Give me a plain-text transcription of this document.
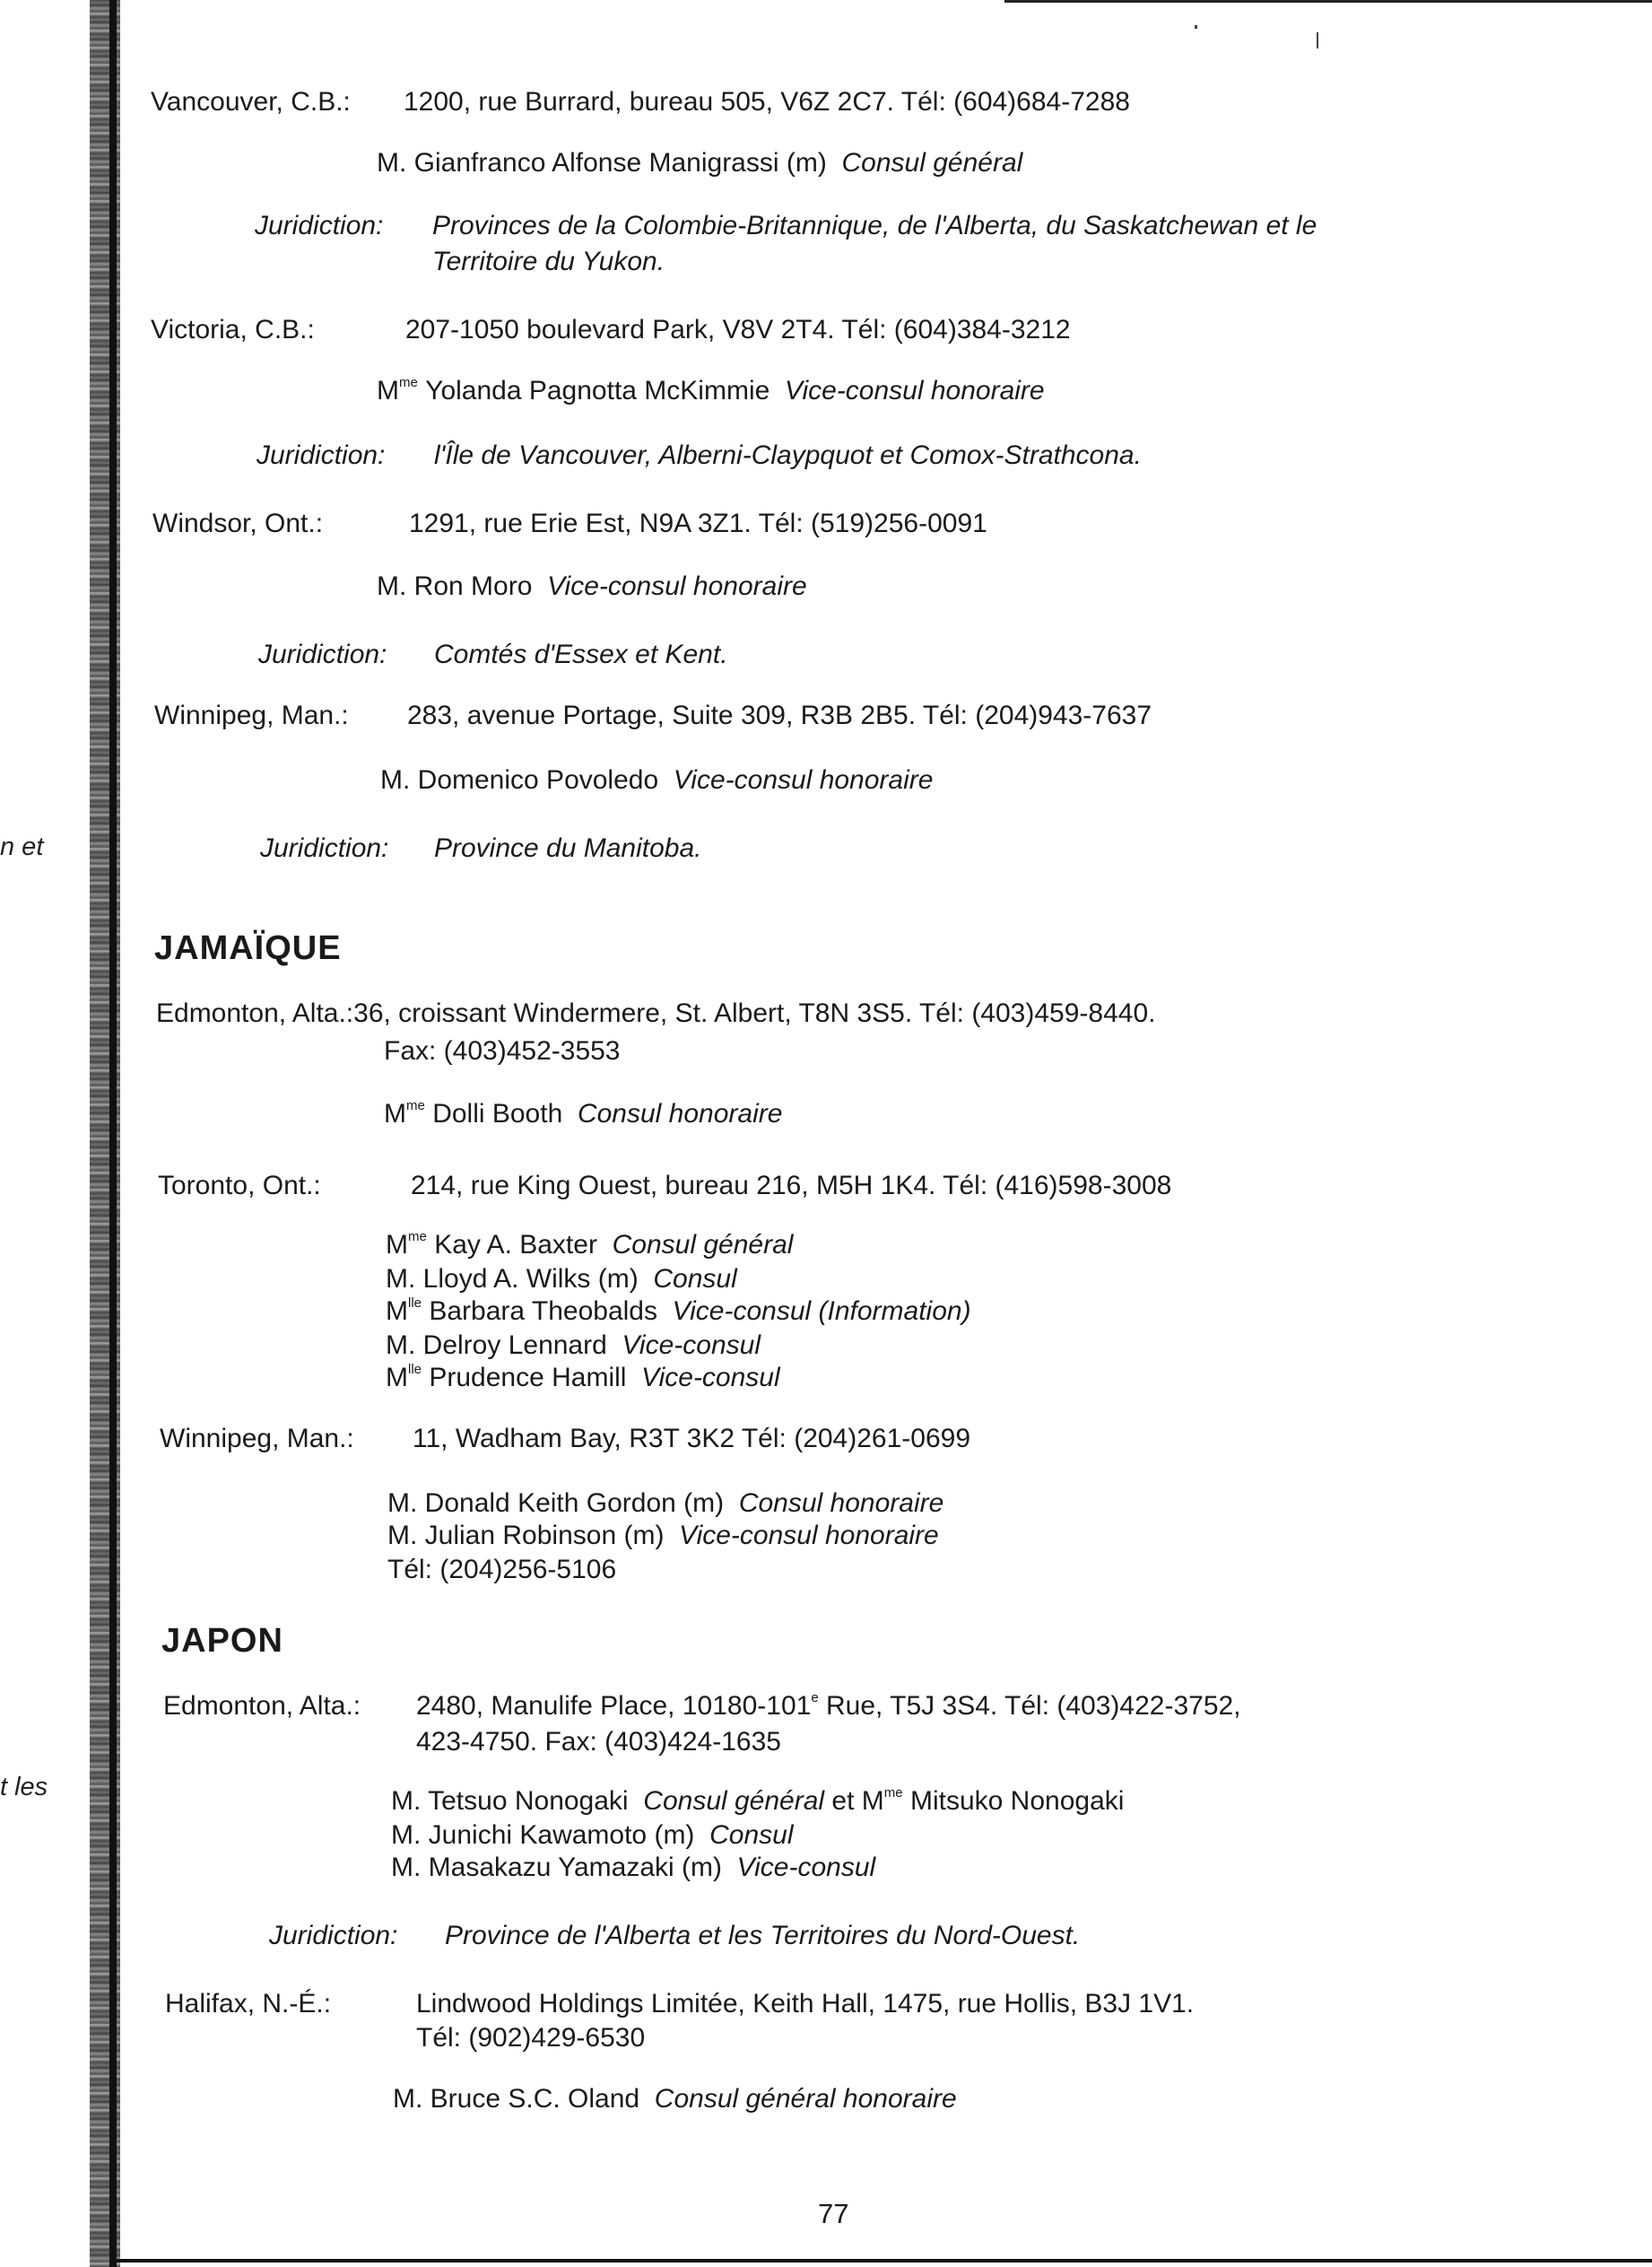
n et
t les
Vancouver, C.B.: 1200, rue Burrard, bureau 505, V6Z 2C7. Tél: (604)684-7288
M. Gianfranco Alfonse Manigrassi (m) Consul général
Juridiction: Provinces de la Colombie-Britannique, de l'Alberta, du Saskatchewan et le
Territoire du Yukon.
Victoria, C.B.:	207-1050 boulevard Park, V8V 2T4. Tél: (604)384-3212
$M^{me}$ Yolanda Pagnotta McKimmie Vice-consul honoraire
Juridiction: l'Île de Vancouver, Alberni-Claypquot et Comox-Strathcona.
Windsor, Ont.:	1291, rue Erie Est, N9A 3Z1. Tél: (519)256-0091
M. Ron Moro Vice-consul honoraire
Juridiction: Comtés d'Essex et Kent.
Winnipeg, Man.: 283, avenue Portage, Suite 309, R3B 2B5. Tél: (204)943-7637
M. Domenico Povoledo Vice-consul honoraire
Juridiction: Province du Manitoba.
JAMAÏQUE
Edmonton, Alta.:36, croissant Windermere, St. Albert, T8N 3S5. Tél: (403)459-8440.
Fax: (403)452-3553
$M^{me}$ Dolli Booth Consul honoraire
Toronto, Ont.:	214, rue King Ouest, bureau 216, M5H 1K4. Tél: (416)598-3008
$M^{me}$ Kay A. Baxter Consul général
M. Lloyd A. Wilks (m) Consul
$M^{lle}$ Barbara Theobalds Vice-consul (Information)
M. Delroy Lennard Vice-consul
$M^{lle}$ Prudence Hamill Vice-consul
Winnipeg, Man.: 11, Wadham Bay, R3T 3K2 Tél: (204)261-0699
M. Donald Keith Gordon (m) Consul honoraire
M. Julian Robinson (m) Vice-consul honoraire
Tél: (204)256-5106
JAPON
Edmonton, Alta.: 2480, Manulife Place, 10180-101e Rue, T5J 3S4. Tél: (403)422-3752,
423-4750. Fax: (403)424-1635
M. Tetsuo Nonogaki Consul général et $M^{me}$ Mitsuko Nonogaki
M. Junichi Kawamoto (m) Consul
M. Masakazu Yamazaki (m) Vice-consul
Juridiction: Province de l'Alberta et les Territoires du Nord-Ouest.
Halifax, N.-É.:	Lindwood Holdings Limitée, Keith Hall, 1475, rue Hollis, B3J 1V1.
Tél: (902)429-6530
M. Bruce S.C. Oland Consul général honoraire
77
